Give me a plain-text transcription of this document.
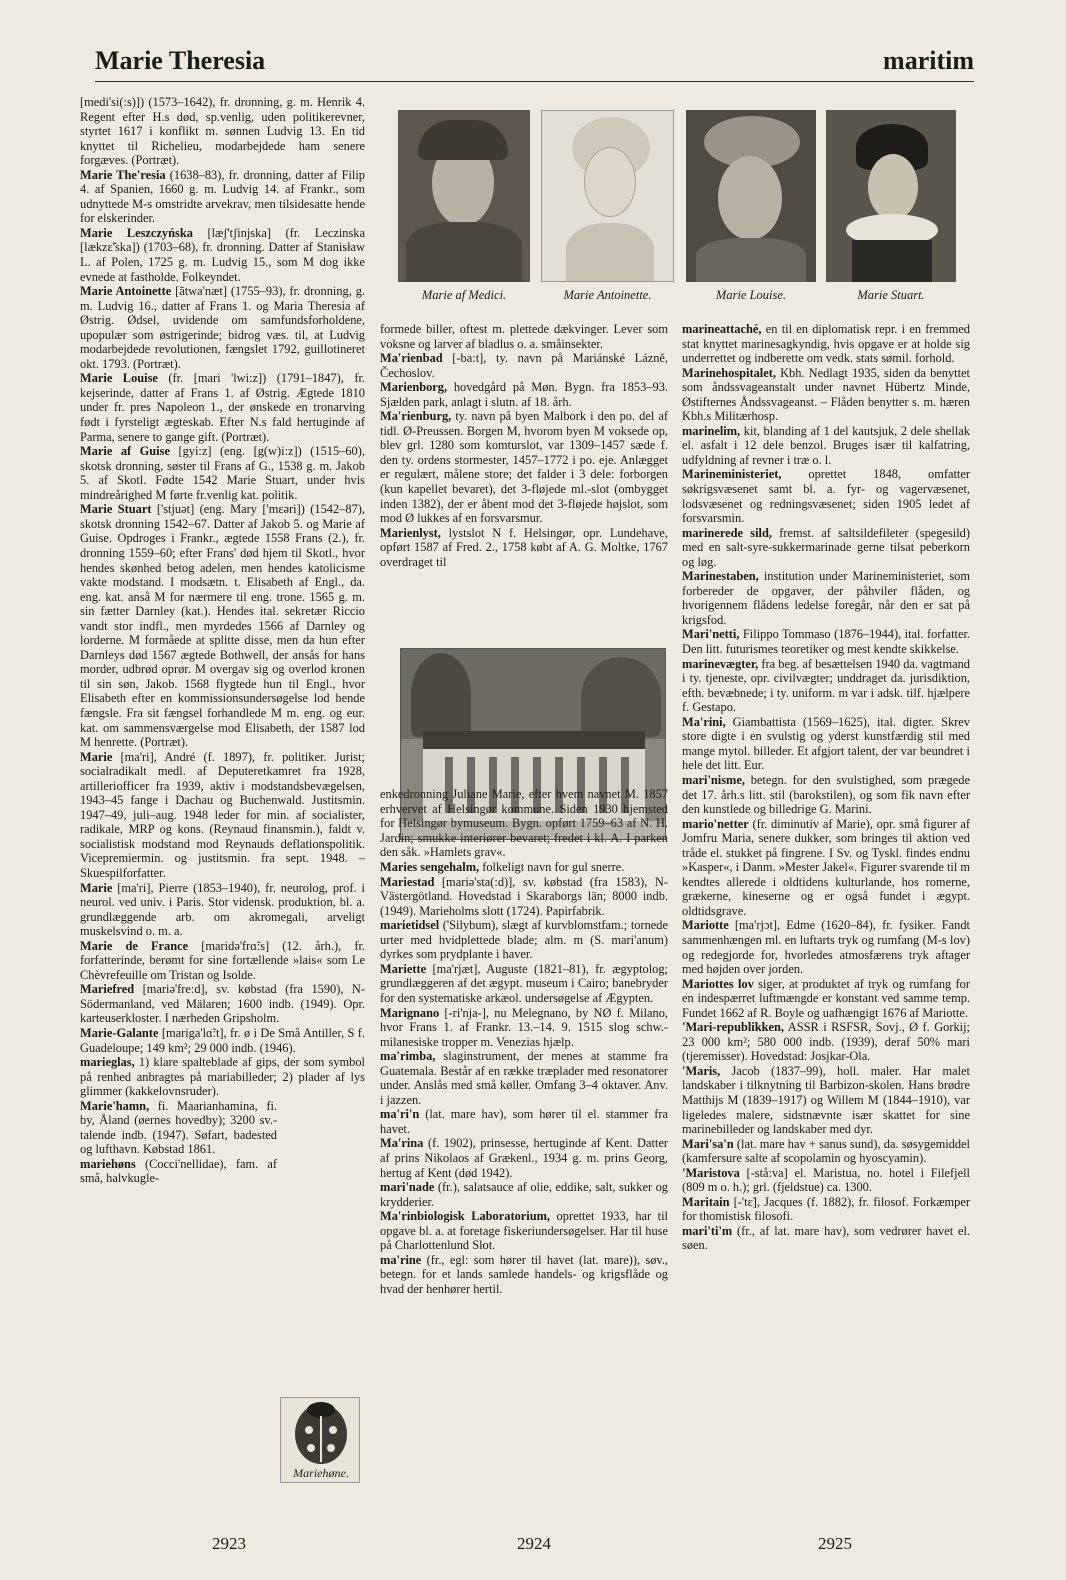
Marie Theresia	maritim
Marie af Medici.	Marie Antoinette.	Marie Louise.	Marie Stuart.
Mariehøne.

[medi'si(:s)]) (1573–1642), fr. dronning, g. m. Henrik 4. Regent efter H.s død, sp.venlig, uden politikerevner, styrtet 1617 i konflikt m. sønnen Ludvig 13. En tid knyttet til Richelieu, modarbejdede ham senere forgæves. (Portræt).

Marie The'resia (1638–83), fr. dronning, datter af Filip 4. af Spanien, 1660 g. m. Ludvig 14. af Frankr., som udnyttede M-s omstridte arvekrav, men tilsidesatte hende for elskerinder.

Marie Leszczyńska [læʃ'tʃinjska] (fr. Leczinska [lækzɛ̃'ska]) (1703–68), fr. dronning. Datter af Stanisław L. af Polen, 1725 g. m. Ludvig 15., som M dog ikke evnede at fastholde. Folkeyndet.

Marie Antoinette [ãtwa'næt] (1755–93), fr. dronning, g. m. Ludvig 16., datter af Frans 1. og Maria Theresia af Østrig. Ødsel, uvidende om samfundsforholdene, upopulær som østrigerinde; bidrog væs. til, at Ludvig modarbejdede revolutionen, fængslet 1792, guillotineret okt. 1793. (Portræt).

Marie Louise (fr. [mari 'lwi:z]) (1791–1847), fr. kejserinde, datter af Frans 1. af Østrig. Ægtede 1810 under fr. pres Napoleon 1., der ønskede en tronarving født i fyrsteligt ægteskab. Efter N.s fald hertuginde af Parma, senere to gange gift. (Portræt).

Marie af Guise [gyi:z] (eng. [g(w)i:z]) (1515–60), skotsk dronning, søster til Frans af G., 1538 g. m. Jakob 5. af Skotl. Fødte 1542 Marie Stuart, under hvis mindreårighed M førte fr.venlig kat. politik.

Marie Stuart ['stjuət] (eng. Mary ['mɛəri]) (1542–87), skotsk dronning 1542–67. Datter af Jakob 5. og Marie af Guise. Opdroges i Frankr., ægtede 1558 Frans (2.), fr. dronning 1559–60; efter Frans' død hjem til Skotl., hvor hendes skønhed betog adelen, men hendes katolicisme vakte modstand. I modsætn. t. Elisabeth af Engl., da. eng. kat. anså M for nærmere til eng. trone. 1565 g. m. sin fætter Darnley (kat.). Hendes ital. sekretær Riccio vandt stor indfl., men myrdedes 1566 af Darnley og lorderne. M formåede at splitte disse, men da hun efter Darnleys død 1567 ægtede Bothwell, der ansås for hans morder, udbrød oprør. M overgav sig og overlod kronen til sin søn, Jakob. 1568 flygtede hun til Engl., hvor Elisabeth efter en kommissionsundersøgelse lod hende fængsle. Fra sit fængsel forhandlede M m. eng. og eur. kat. om sammensværgelse mod Elisabeth, der 1587 lod M henrette. (Portræt).

Marie [ma'ri], André (f. 1897), fr. politiker. Jurist; socialradikalt medl. af Deputeretkamret fra 1928, artilleriofficer fra 1939, aktiv i modstandsbevægelsen, 1943–45 fange i Dachau og Buchenwald. Justitsmin. 1947–49, juli–aug. 1948 leder for min. af socialister, radikale, MRP og kons. (Reynaud finansmin.), faldt v. socialistisk modstand mod Reynauds deflationspolitik. Vicepremiermin. og justitsmin. fra sept. 1948. – Skuespilforfatter.

Marie [ma'ri], Pierre (1853–1940), fr. neurolog, prof. i neurol. ved univ. i Paris. Stor vidensk. produktion, bl. a. grundlæggende arb. om akromegali, arveligt muskelsvind o. m. a.

Marie de France [maridə'frɑ̃:s] (12. årh.), fr. forfatterinde, berømt for sine fortællende »lais« som Le Chèvrefeuille om Tristan og Isolde.

Mariefred [mariə'fre:d], sv. købstad (fra 1590), N-Södermanland, ved Mälaren; 1600 indb. (1949). Opr. karteuserkloster. I nærheden Gripsholm.

Marie-Galante [mariga'lɑ̃:t], fr. ø i De Små Antiller, S f. Guadeloupe; 149 km²; 29 000 indb. (1946).

marieglas, 1) klare spalteblade af gips, der som symbol på renhed anbragtes på mariabilleder; 2) plader af lys glimmer (kakkelovnsruder).

Marie'hamn, fi. Maarianhamina, fi. by, Åland (øernes hovedby); 3200 sv.-talende indb. (1947). Søfart, badested og lufthavn. Købstad 1861.

mariehøns (Cocci'nellidae), fam. af små, halvkugle-

formede biller, oftest m. plettede dækvinger. Lever som voksne og larver af bladlus o. a. småinsekter.

Ma'rienbad [-ba:t], ty. navn på Mariánské Lázně, Čechoslov.

Marienborg, hovedgård på Møn. Bygn. fra 1853–93. Sjælden park, anlagt i slutn. af 18. årh.

Ma'rienburg, ty. navn på byen Malbork i den po. del af tidl. Ø-Preussen. Borgen M, hvorom byen M voksede op, blev grl. 1280 som komturslot, var 1309–1457 sæde f. den ty. ordens stormester, 1457–1772 i po. eje. Anlægget er regulært, målene store; det falder i 3 dele: forborgen (kun kapellet bevaret), det 3-fløjede ml.-slot (ombygget inden 1382), der er åbent mod det 3-fløjede højslot, som mod Ø lukkes af en forsvarsmur.

Marienlyst, lystslot N f. Helsingør, opr. Lundehave, opført 1587 af Fred. 2., 1758 købt af A. G. Moltke, 1767 overdraget til

enkedronning Juliane Marie, efter hvem navnet M. 1857 erhvervet af Helsingør kommune. Siden 1930 hjemsted for Helsingør bymuseum. Bygn. opført 1759–63 af N. H. Jardin; smukke interiører bevaret; fredet i kl. A. I parken den såk. »Hamlets grav«.

Maries sengehalm, folkeligt navn for gul snerre.

Mariestad [mariə'sta(:d)], sv. købstad (fra 1583), N-Västergötland. Hovedstad i Skaraborgs län; 8000 indb. (1949). Marieholms slott (1724). Papirfabrik.

marietidsel ('Silybum), slægt af kurvblomstfam.; tornede urter med hvidplettede blade; alm. m (S. mari'anum) dyrkes som prydplante i haver.

Mariette [ma'rjæt], Auguste (1821–81), fr. ægyptolog; grundlæggeren af det ægypt. museum i Cairo; banebryder for den systematiske arkæol. undersøgelse af Ægypten.

Marignano [-ri'nja-], nu Melegnano, by NØ f. Milano, hvor Frans 1. af Frankr. 13.–14. 9. 1515 slog schw.-milanesiske tropper m. Venezias hjælp.

ma'rimba, slaginstrument, der menes at stamme fra Guatemala. Består af en række træplader med resonatorer under. Anslås med små køller. Omfang 3–4 oktaver. Anv. i jazzen.

ma'ri'n (lat. mare hav), som hører til el. stammer fra havet.

Ma'rina (f. 1902), prinsesse, hertuginde af Kent. Datter af prins Nikolaos af Grækenl., 1934 g. m. prins Georg, hertug af Kent (død 1942).

mari'nade (fr.), salatsauce af olie, eddike, salt, sukker og krydderier.

Ma'rinbiologisk Laboratorium, oprettet 1933, har til opgave bl. a. at foretage fiskeriundersøgelser. Har til huse på Charlottenlund Slot.

ma'rine (fr., egl: som hører til havet (lat. mare)), søv., betegn. for et lands samlede handels- og krigsflåde og hvad der henhører hertil.

marineattaché, en til en diplomatisk repr. i en fremmed stat knyttet marinesagkyndig, hvis opgave er at holde sig underrettet og indberette om vedk. stats sømil. forhold.

Marinehospitalet, Kbh. Nedlagt 1935, siden da benyttet som åndssvageanstalt under navnet Hübertz Minde, Østifternes Åndssvageanst. – Flåden benytter s. m. hæren Kbh.s Militærhosp.

marinelim, kit, blanding af 1 del kautsjuk, 2 dele shellak el. asfalt i 12 dele benzol. Bruges især til kalfatring, udfyldning af revner i træ o. l.

Marineministeriet, oprettet 1848, omfatter søkrigsvæsenet samt bl. a. fyr- og vagervæsenet, lodsvæsenet og redningsvæsenet; siden 1905 ledet af forsvarsmin.

marinerede sild, fremst. af saltsildefileter (spegesild) med en salt-syre-sukkermarinade gerne tilsat peberkorn og løg.

Marinestaben, institution under Marineministeriet, som forbereder de opgaver, der påhviler flåden, og hvorigennem flådens ledelse foregår, når den er sat på krigsfod.

Mari'netti, Filippo Tommaso (1876–1944), ital. forfatter. Den litt. futurismes teoretiker og mest kendte skikkelse.

marinevægter, fra beg. af besættelsen 1940 da. vagtmand i ty. tjeneste, opr. civilvægter; unddraget da. jurisdiktion, efth. bevæbnede; i ty. uniform. m var i adsk. tilf. hjælpere f. Gestapo.

Ma'rini, Giambattista (1569–1625), ital. digter. Skrev store digte i en svulstig og yderst kunstfærdig stil med mange mytol. billeder. Et afgjort talent, der var beundret i hele det litt. Eur.

mari'nisme, betegn. for den svulstighed, som prægede det 17. årh.s litt. stil (barokstilen), og som fik navn efter den kunstlede og billedrige G. Marini.

mario'netter (fr. diminutiv af Marie), opr. små figurer af Jomfru Maria, senere dukker, som bringes til aktion ved tråde el. stukket på fingrene. I Sv. og Tyskl. findes endnu »Kasper«, i Danm. »Mester Jakel«. Figurer svarende til m kendtes allerede i oldtidens kulturlande, hos romerne, grækerne, kineserne og er også fundet i ægypt. oldtidsgrave.

Mariotte [ma'rjɔt], Edme (1620–84), fr. fysiker. Fandt sammenhængen ml. en luftarts tryk og rumfang (M-s lov) og redegjorde for, hvorledes atmosfærens tryk aftager med højden over jorden.

Mariottes lov siger, at produktet af tryk og rumfang for en indespærret luftmængde er konstant ved samme temp. Fundet 1662 af R. Boyle og uafhængigt 1676 af Mariotte.

'Mari-republikken, ASSR i RSFSR, Sovj., Ø f. Gorkij; 23 000 km²; 580 000 indb. (1939), deraf 50% mari (tjeremisser). Hovedstad: Josjkar-Ola.

'Maris, Jacob (1837–99), holl. maler. Har malet landskaber i tilknytning til Barbizon-skolen. Hans brødre Matthijs M (1839–1917) og Willem M (1844–1910), var ligeledes malere, sidstnævnte især skattet for sine marinebilleder og landskaber med dyr.

Mari'sa'n (lat. mare hav + sanus sund), da. søsygemiddel (kamfersure salte af scopolamin og hyoscyamin).

'Maristova [-stå:va] el. Maristua, no. hotel i Filefjell (809 m o. h.); grl. (fjeldstue) ca. 1300.

Maritain [-'tɛ̃], Jacques (f. 1882), fr. filosof. Forkæmper for thomistisk filosofi.

mari'ti'm (fr., af lat. mare hav), som vedrører havet el. søen.

2923	2924	2925
